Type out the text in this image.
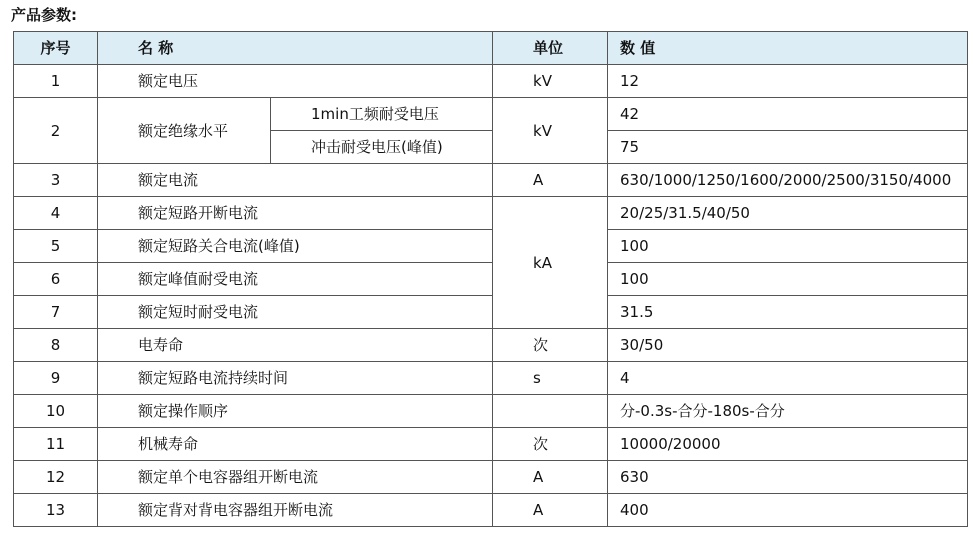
产品参数:
序号	名 称		单位	数 值
1	额定电压		kV	12
2	额定绝缘水平	1min工频耐受电压	kV	42
		冲击耐受电压(峰值)		75
3	额定电流		A	630/1000/1250/1600/2000/2500/3150/4000
4	额定短路开断电流		kA	20/25/31.5/40/50
5	额定短路关合电流(峰值)			100
6	额定峰值耐受电流			100
7	额定短时耐受电流			31.5
8	电寿命		次	30/50
9	额定短路电流持续时间		s	4
10	额定操作顺序			分-0.3s-合分-180s-合分
11	机械寿命		次	10000/20000
12	额定单个电容器组开断电流		A	630
13	额定背对背电容器组开断电流		A	400
